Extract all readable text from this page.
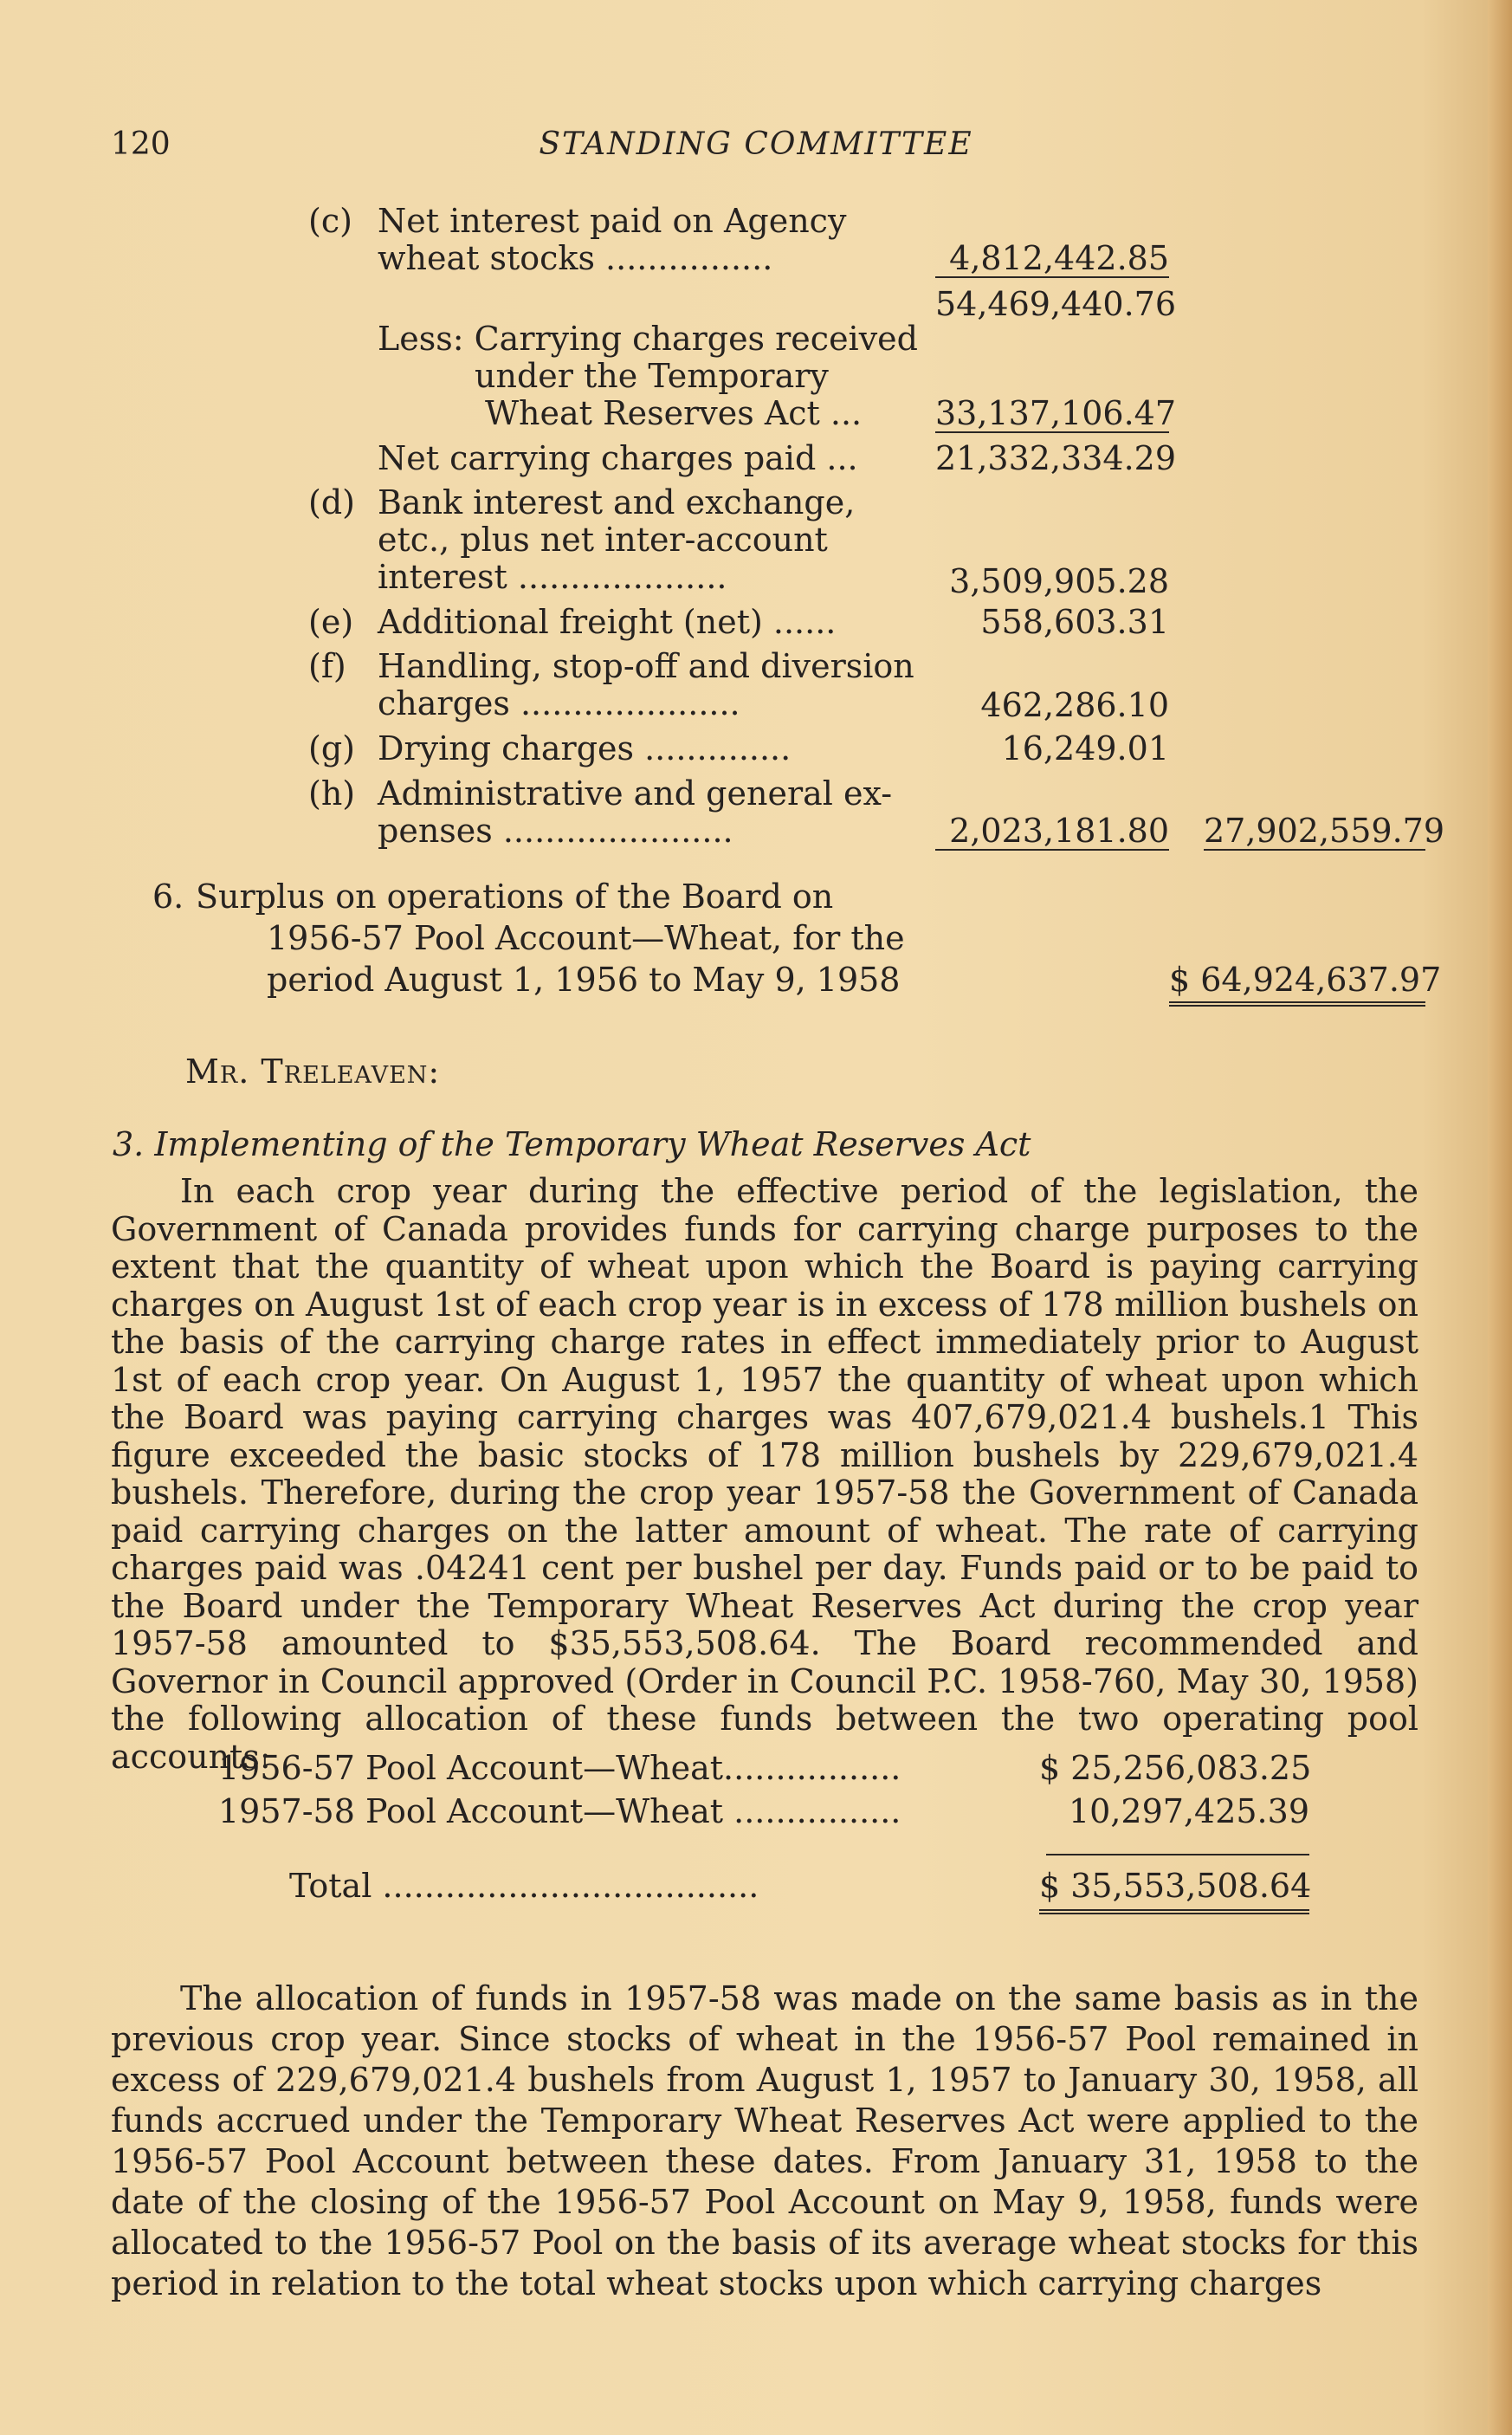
120	STANDING COMMITTEE
(c) Net interest paid on Agency
wheat stocks ................	4,812,442.85
54,469,440.76
Less: Carrying charges received
under the Temporary
Wheat Reserves Act ... 33,137,106.47
Net carrying charges paid ... 21,332,334.29
(d) Bank interest and exchange,
etc., plus net inter-account
interest ....................	3,509,905.28
(e) Additional freight (net) ......	558,603.31
(f) Handling, stop-off and diversion
charges .....................	462,286.10
(g) Drying charges ..............	16,249.01
(h) Administrative and general ex-
penses ......................	2,023,181.80 27,902,559.79
6. Surplus on operations of the Board on
1956-57 Pool Account—Wheat, for the
period August 1, 1956 to May 9, 1958	$ 64,924,637.97
Mr. Treleaven:
3. Implementing of the Temporary Wheat Reserves Act
In each crop year during the effective period of the legislation, the Government of Canada provides funds for carrying charge purposes to the extent that the quantity of wheat upon which the Board is paying carrying charges on August 1st of each crop year is in excess of 178 million bushels on the basis of the carrying charge rates in effect immediately prior to August 1st of each crop year. On August 1, 1957 the quantity of wheat upon which the Board was paying carrying charges was 407,679,021.4 bushels.1 This figure exceeded the basic stocks of 178 million bushels by 229,679,021.4 bushels. Therefore, during the crop year 1957-58 the Government of Canada paid carrying charges on the latter amount of wheat. The rate of carrying charges paid was .04241 cent per bushel per day. Funds paid or to be paid to the Board under the Temporary Wheat Reserves Act during the crop year 1957-58 amounted to $35,553,508.64. The Board recommended and Governor in Council approved (Order in Council P.C. 1958-760, May 30, 1958) the following allocation of these funds between the two operating pool accounts:
1956-57 Pool Account—Wheat.................	$ 25,256,083.25
1957-58 Pool Account—Wheat ................	10,297,425.39
Total ....................................	$ 35,553,508.64
The allocation of funds in 1957-58 was made on the same basis as in the previous crop year. Since stocks of wheat in the 1956-57 Pool remained in excess of 229,679,021.4 bushels from August 1, 1957 to January 30, 1958, all funds accrued under the Temporary Wheat Reserves Act were applied to the 1956-57 Pool Account between these dates. From January 31, 1958 to the date of the closing of the 1956-57 Pool Account on May 9, 1958, funds were allocated to the 1956-57 Pool on the basis of its average wheat stocks for this period in relation to the total wheat stocks upon which carrying charges
